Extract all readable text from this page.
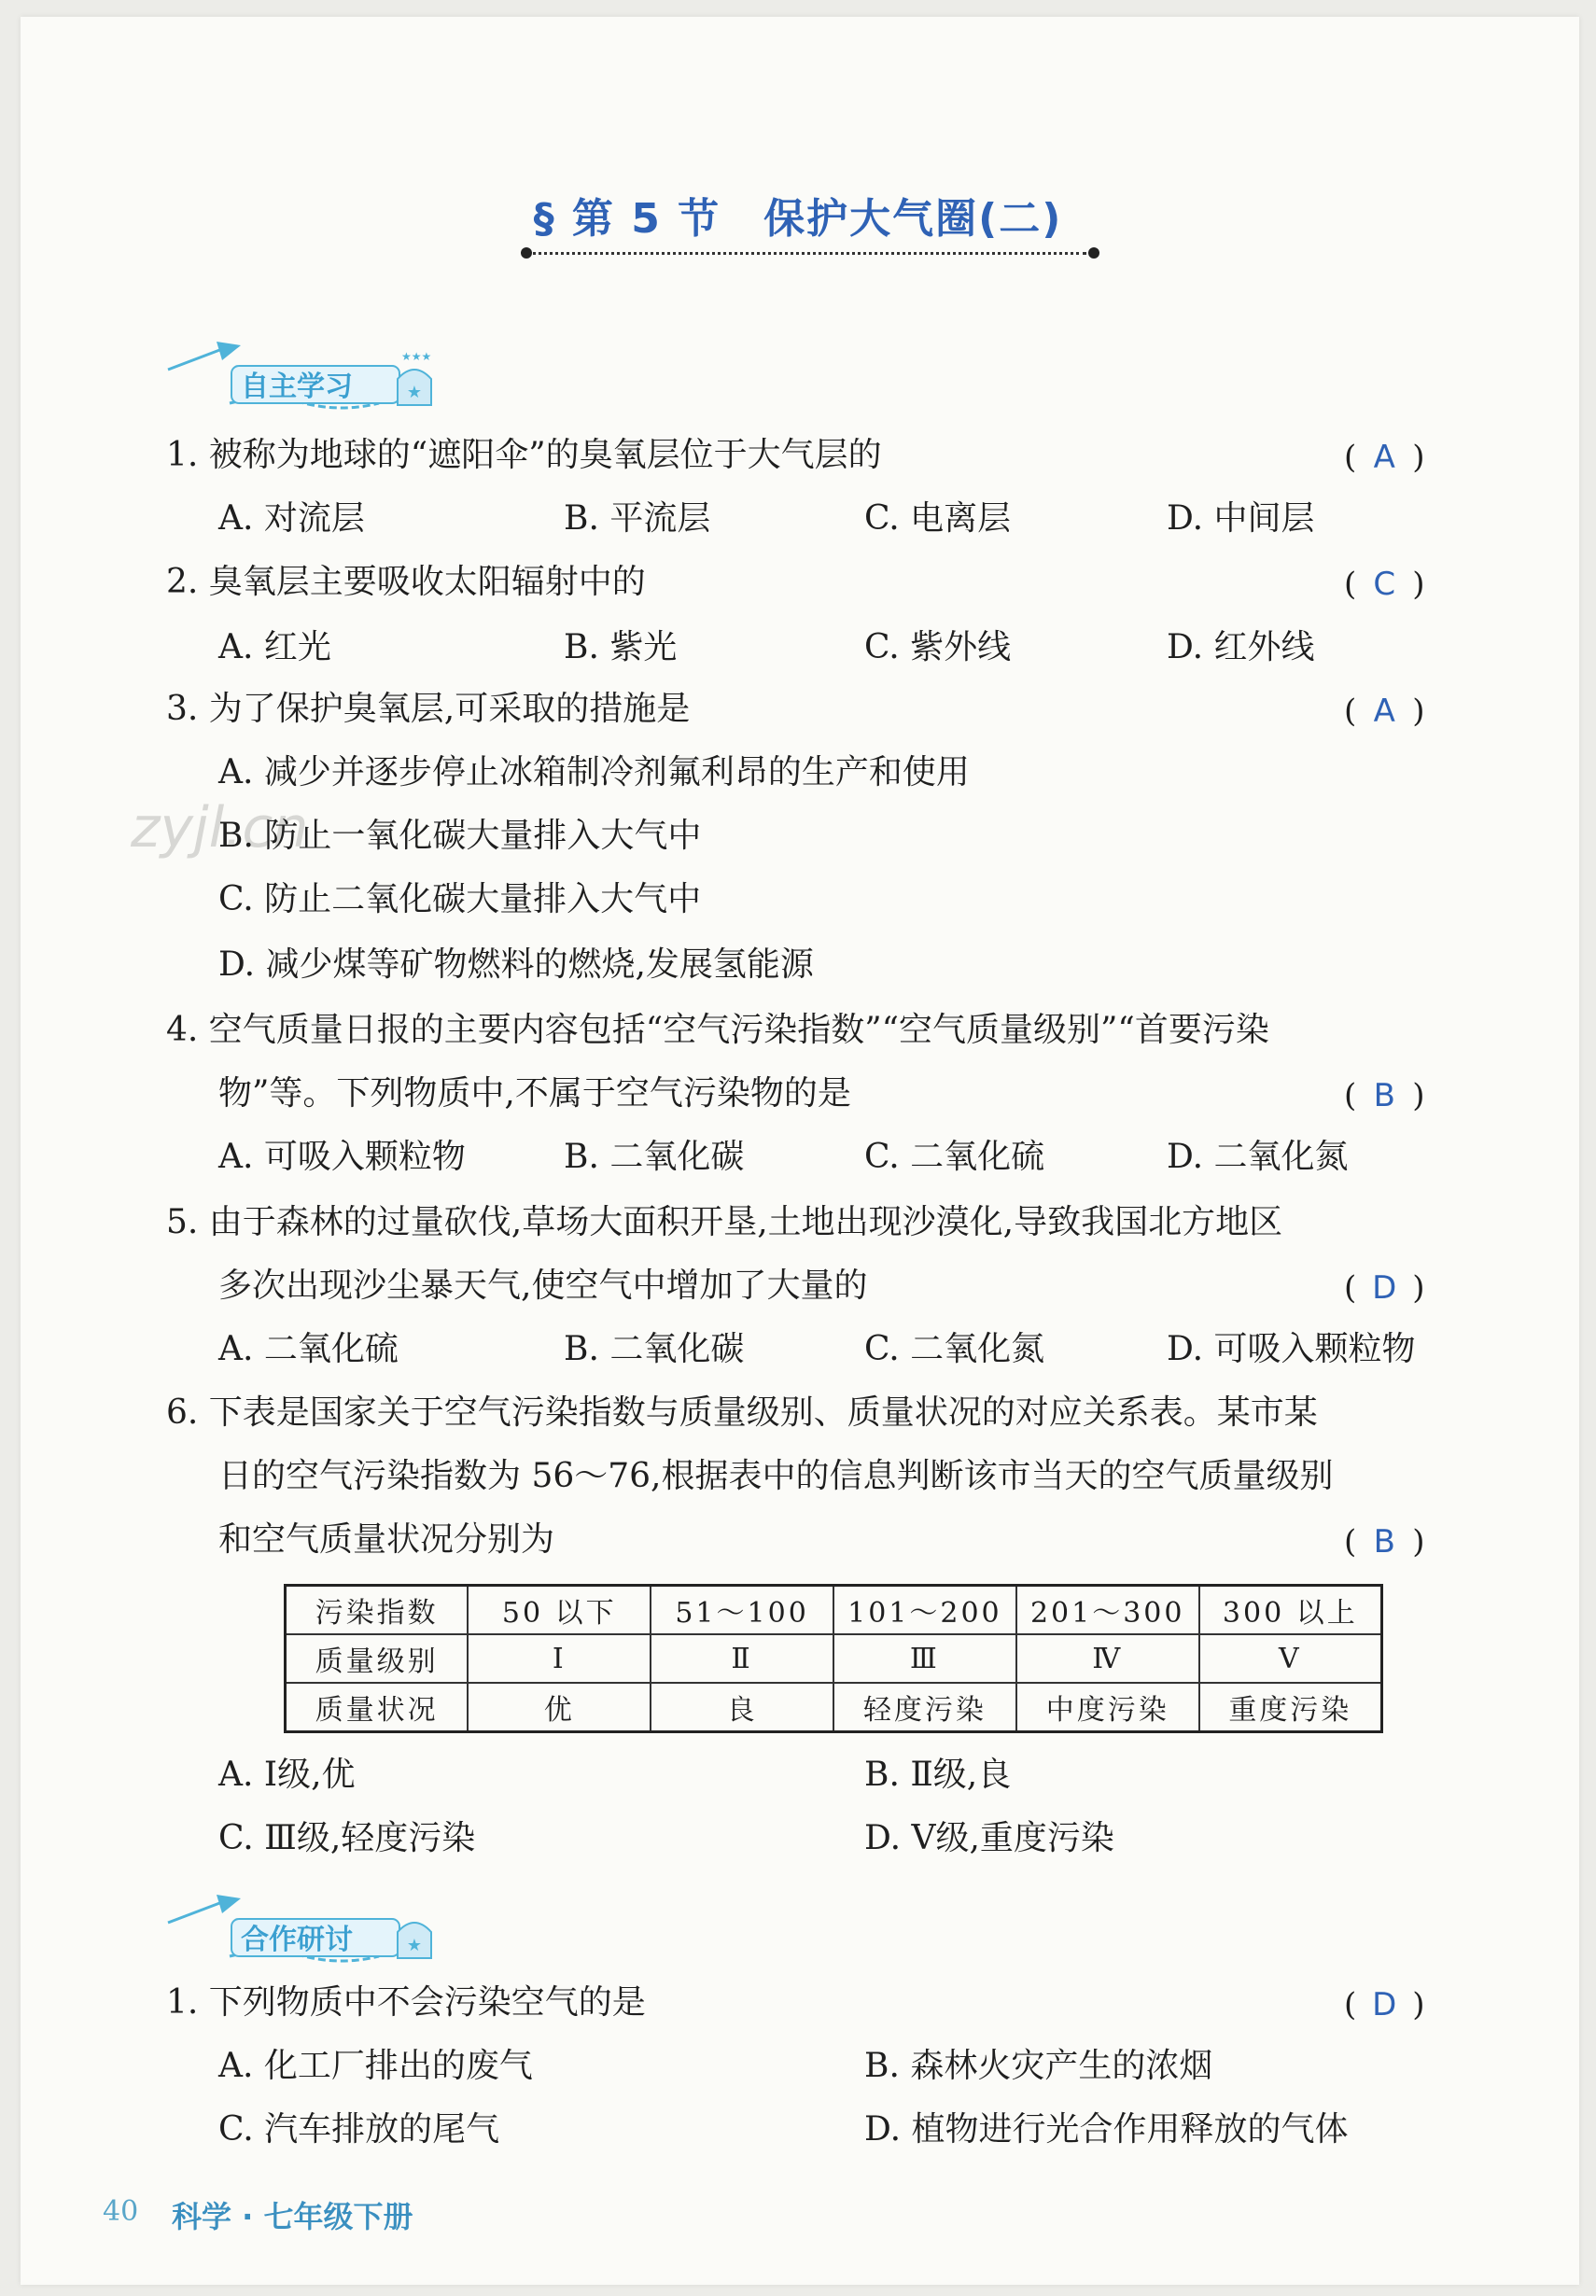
§ 第 5 节　保护大气圈(二)
★
★★★
自主学习
1. 被称为地球的“遮阳伞”的臭氧层位于大气层的	( A )
A. 对流层	B. 平流层	C. 电离层	D. 中间层
2. 臭氧层主要吸收太阳辐射中的	( C )
A. 红光	B. 紫光	C. 紫外线	D. 红外线
3. 为了保护臭氧层,可采取的措施是	( A )
A. 减少并逐步停止冰箱制冷剂氟利昂的生产和使用
zyjl.cn
B. 防止一氧化碳大量排入大气中
C. 防止二氧化碳大量排入大气中
D. 减少煤等矿物燃料的燃烧,发展氢能源
4. 空气质量日报的主要内容包括“空气污染指数”“空气质量级别”“首要污染
物”等。下列物质中,不属于空气污染物的是	( B )
A. 可吸入颗粒物	B. 二氧化碳	C. 二氧化硫	D. 二氧化氮
5. 由于森林的过量砍伐,草场大面积开垦,土地出现沙漠化,导致我国北方地区
多次出现沙尘暴天气,使空气中增加了大量的	( D )
A. 二氧化硫	B. 二氧化碳	C. 二氧化氮	D. 可吸入颗粒物
6. 下表是国家关于空气污染指数与质量级别、质量状况的对应关系表。某市某
日的空气污染指数为 56～76,根据表中的信息判断该市当天的空气质量级别
和空气质量状况分别为	( B )
污染指数	50 以下	51～100	101～200	201～300	300 以上
质量级别	Ⅰ	Ⅱ	Ⅲ	Ⅳ	Ⅴ
质量状况	优	良	轻度污染	中度污染	重度污染
A. Ⅰ级,优	B. Ⅱ级,良
C. Ⅲ级,轻度污染	D. Ⅴ级,重度污染
★
合作研讨
1. 下列物质中不会污染空气的是	( D )
A. 化工厂排出的废气	B. 森林火灾产生的浓烟
C. 汽车排放的尾气	D. 植物进行光合作用释放的气体
40 科学 · 七年级下册
